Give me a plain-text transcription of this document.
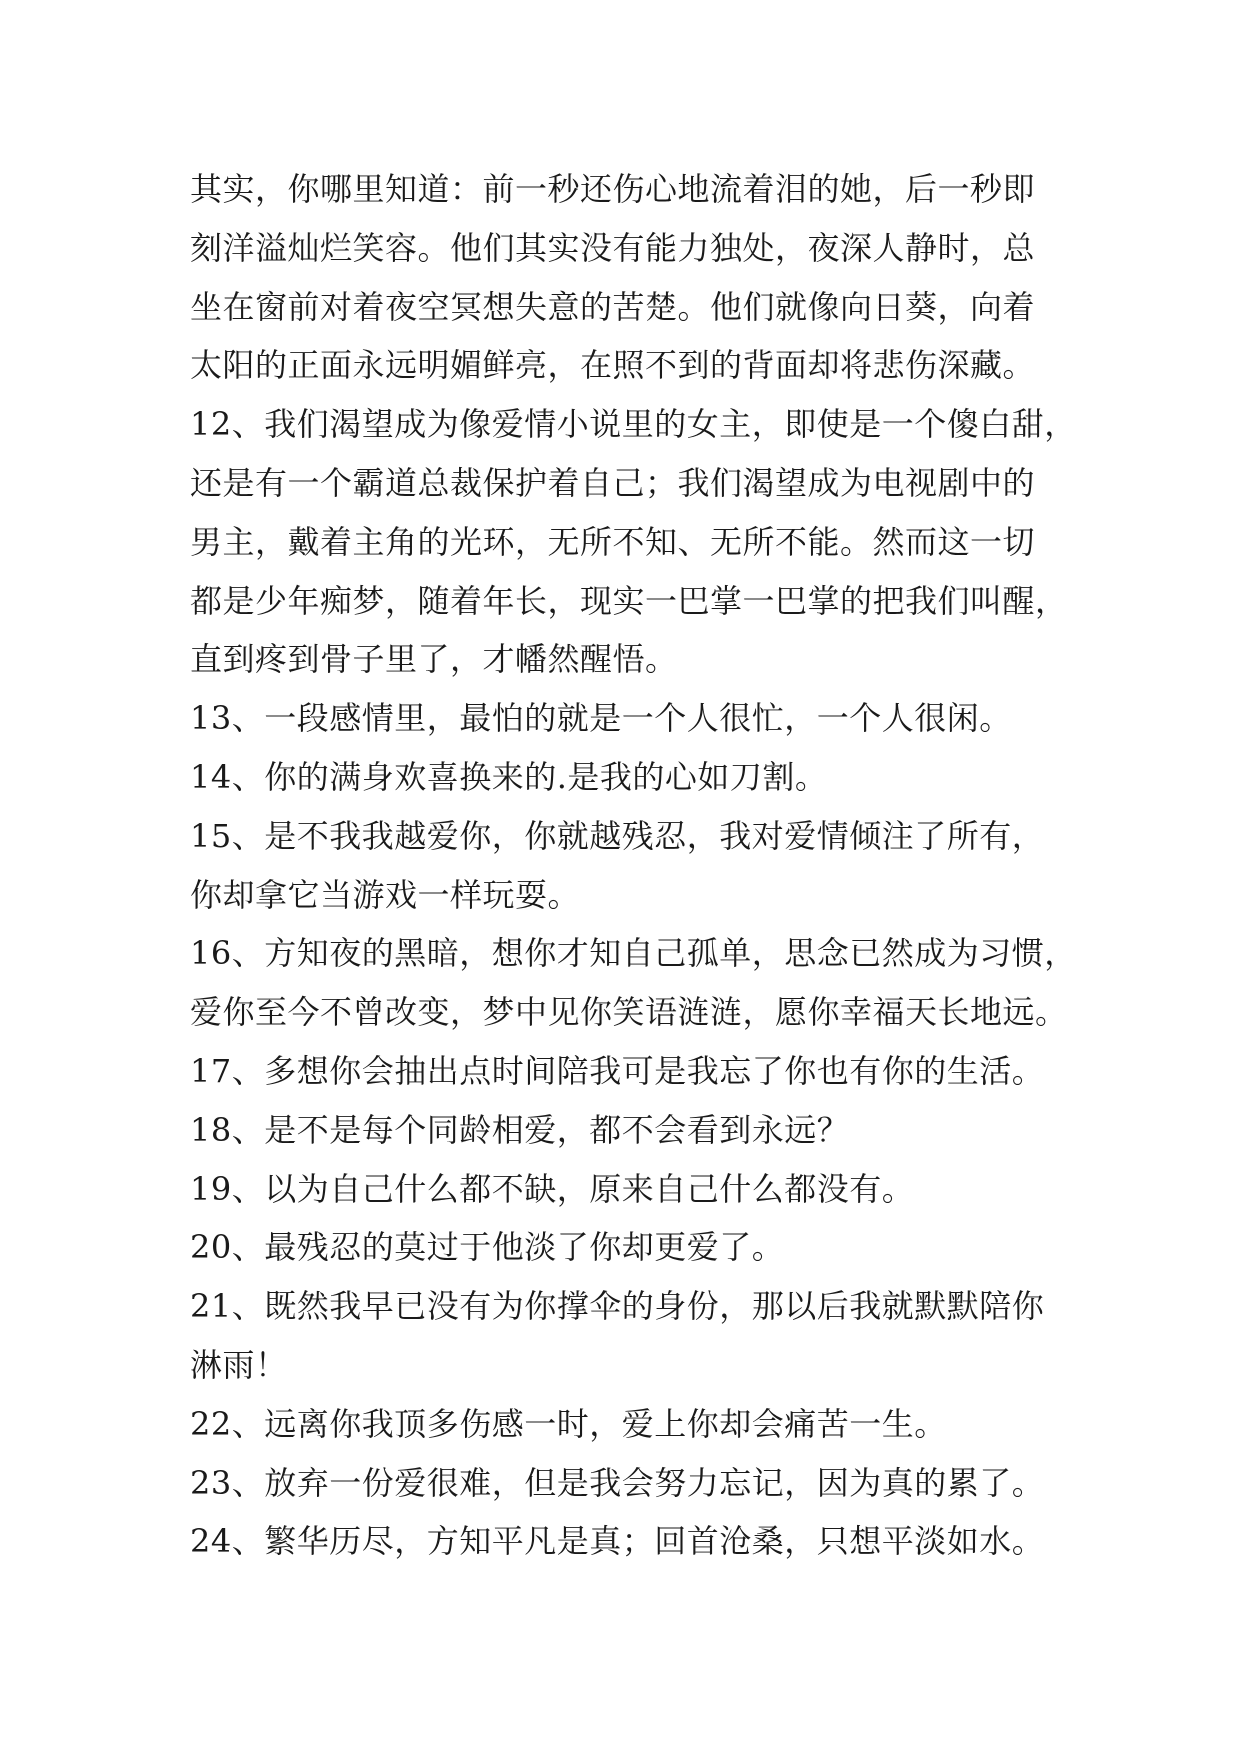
其实，你哪里知道：前一秒还伤心地流着泪的她，后一秒即
刻洋溢灿烂笑容。他们其实没有能力独处，夜深人静时，总
坐在窗前对着夜空冥想失意的苦楚。他们就像向日葵，向着
太阳的正面永远明媚鲜亮，在照不到的背面却将悲伤深藏。
12、我们渴望成为像爱情小说里的女主，即使是一个傻白甜，
还是有一个霸道总裁保护着自己；我们渴望成为电视剧中的
男主，戴着主角的光环，无所不知、无所不能。然而这一切
都是少年痴梦，随着年长，现实一巴掌一巴掌的把我们叫醒，
直到疼到骨子里了，才幡然醒悟。
13、一段感情里，最怕的就是一个人很忙，一个人很闲。
14、你的满身欢喜换来的.是我的心如刀割。
15、是不我我越爱你，你就越残忍，我对爱情倾注了所有，
你却拿它当游戏一样玩耍。
16、方知夜的黑暗，想你才知自己孤单，思念已然成为习惯，
爱你至今不曾改变，梦中见你笑语涟涟，愿你幸福天长地远。
17、多想你会抽出点时间陪我可是我忘了你也有你的生活。
18、是不是每个同龄相爱，都不会看到永远？
19、以为自己什么都不缺，原来自己什么都没有。
20、最残忍的莫过于他淡了你却更爱了。
21、既然我早已没有为你撑伞的身份，那以后我就默默陪你
淋雨！
22、远离你我顶多伤感一时，爱上你却会痛苦一生。
23、放弃一份爱很难，但是我会努力忘记，因为真的累了。
24、繁华历尽，方知平凡是真；回首沧桑，只想平淡如水。
